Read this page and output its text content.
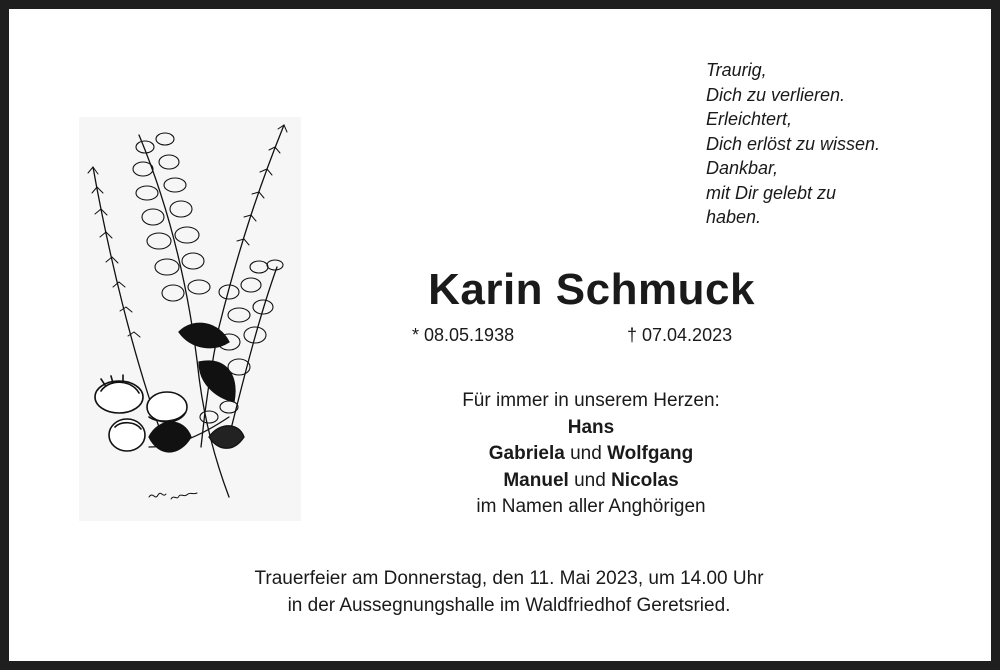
Traurig,
Dich zu verlieren.
Erleichtert,
Dich erlöst zu wissen.
Dankbar,
mit Dir gelebt zu
haben.
Karin Schmuck
* 08.05.1938	† 07.04.2023
Für immer in unserem Herzen:
Hans
Gabriela und Wolfgang
Manuel und Nicolas
im Namen aller Anghörigen
Trauerfeier am Donnerstag, den 11. Mai 2023, um 14.00 Uhr
in der Aussegnungshalle im Waldfriedhof Geretsried.
